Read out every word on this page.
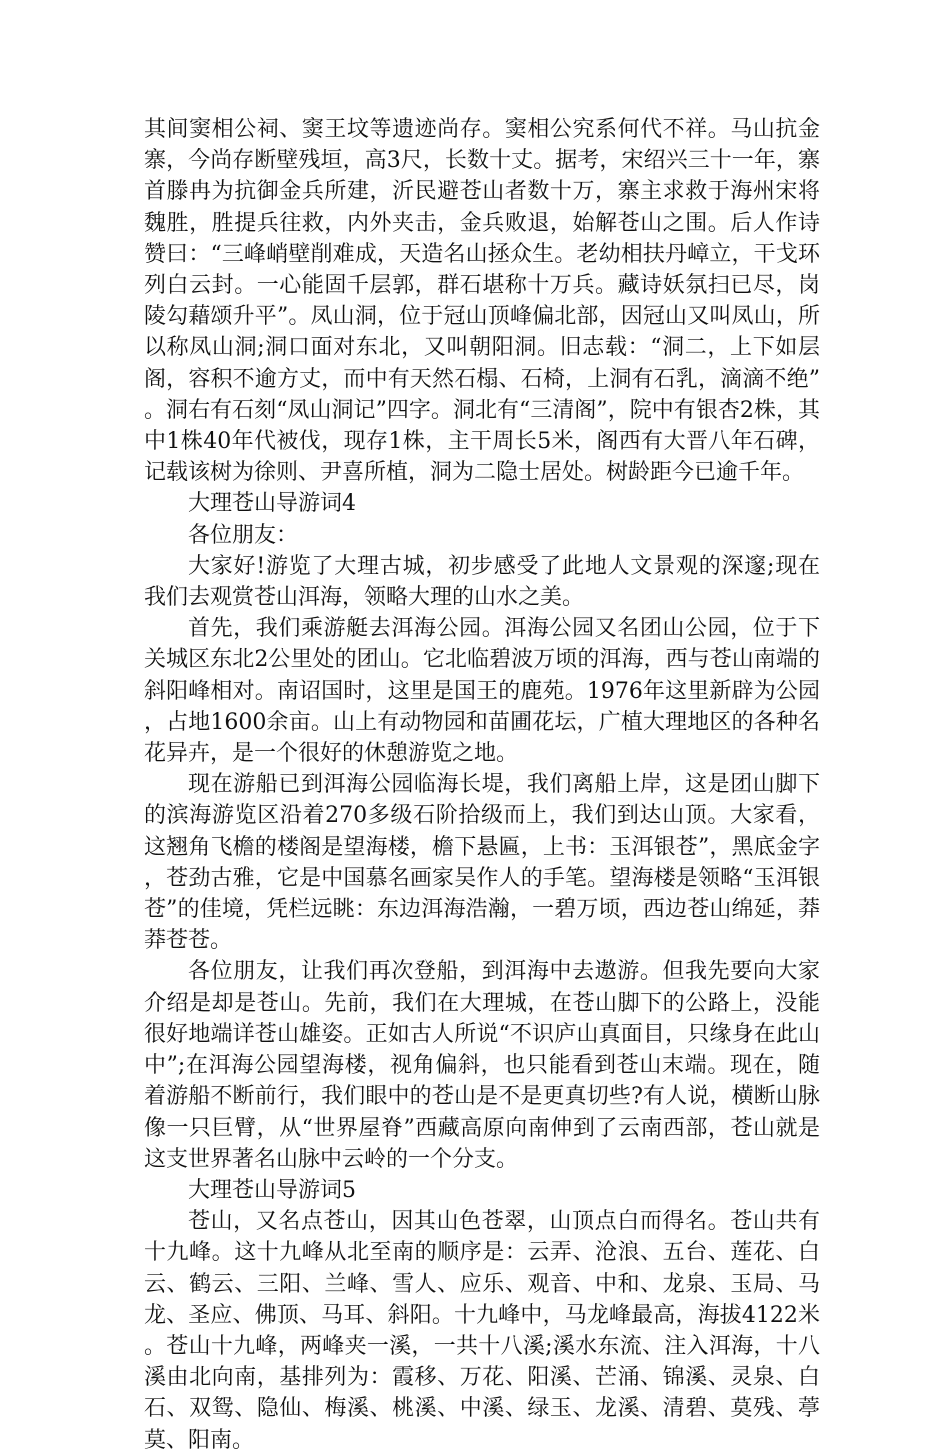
其间窦相公祠、窦王坟等遗迹尚存。窦相公究系何代不祥。马山抗金寨，今尚存断壁残垣，高3尺，长数十丈。据考，宋绍兴三十一年，寨首滕冉为抗御金兵所建，沂民避苍山者数十万，寨主求救于海州宋将魏胜，胜提兵往救，内外夹击，金兵败退，始解苍山之围。后人作诗赞曰：“三峰峭壁削难成，天造名山拯众生。老幼相扶丹嶂立，干戈环列白云封。一心能固千层郭，群石堪称十万兵。藏诗妖氛扫已尽，岗陵勾藉颂升平”。凤山洞，位于冠山顶峰偏北部，因冠山又叫凤山，所以称凤山洞;洞口面对东北，又叫朝阳洞。旧志载：“洞二，上下如层阁，容积不逾方丈，而中有天然石榻、石椅，上洞有石乳，滴滴不绝”。洞右有石刻“凤山洞记”四字。洞北有“三清阁”，院中有银杏2株，其中1株40年代被伐，现存1株，主干周长5米，阁西有大晋八年石碑，记载该树为徐则、尹喜所植，洞为二隐士居处。树龄距今已逾千年。

大理苍山导游词4

各位朋友：

大家好!游览了大理古城，初步感受了此地人文景观的深邃;现在我们去观赏苍山洱海，领略大理的山水之美。

首先，我们乘游艇去洱海公园。洱海公园又名团山公园，位于下关城区东北2公里处的团山。它北临碧波万顷的洱海，西与苍山南端的斜阳峰相对。南诏国时，这里是国王的鹿苑。1976年这里新辟为公园，占地1600余亩。山上有动物园和苗圃花坛，广植大理地区的各种名花异卉，是一个很好的休憩游览之地。

现在游船已到洱海公园临海长堤，我们离船上岸，这是团山脚下的滨海游览区沿着270多级石阶拾级而上，我们到达山顶。大家看，这翘角飞檐的楼阁是望海楼，檐下悬匾，上书：玉洱银苍”，黑底金字，苍劲古雅，它是中国慕名画家吴作人的手笔。望海楼是领略“玉洱银苍”的佳境，凭栏远眺：东边洱海浩瀚，一碧万顷，西边苍山绵延，莽莽苍苍。

各位朋友，让我们再次登船，到洱海中去遨游。但我先要向大家介绍是却是苍山。先前，我们在大理城，在苍山脚下的公路上，没能很好地端详苍山雄姿。正如古人所说“不识庐山真面目，只缘身在此山中”;在洱海公园望海楼，视角偏斜，也只能看到苍山末端。现在，随着游船不断前行，我们眼中的苍山是不是更真切些?有人说，横断山脉像一只巨臂，从“世界屋脊”西藏高原向南伸到了云南西部，苍山就是这支世界著名山脉中云岭的一个分支。

大理苍山导游词5

苍山，又名点苍山，因其山色苍翠，山顶点白而得名。苍山共有十九峰。这十九峰从北至南的顺序是：云弄、沧浪、五台、莲花、白云、鹤云、三阳、兰峰、雪人、应乐、观音、中和、龙泉、玉局、马龙、圣应、佛顶、马耳、斜阳。十九峰中，马龙峰最高，海拔4122米。苍山十九峰，两峰夹一溪，一共十八溪;溪水东流、注入洱海，十八溪由北向南，基排列为：霞移、万花、阳溪、芒涌、锦溪、灵泉、白石、双鸳、隐仙、梅溪、桃溪、中溪、绿玉、龙溪、清碧、莫残、葶莫、阳南。
